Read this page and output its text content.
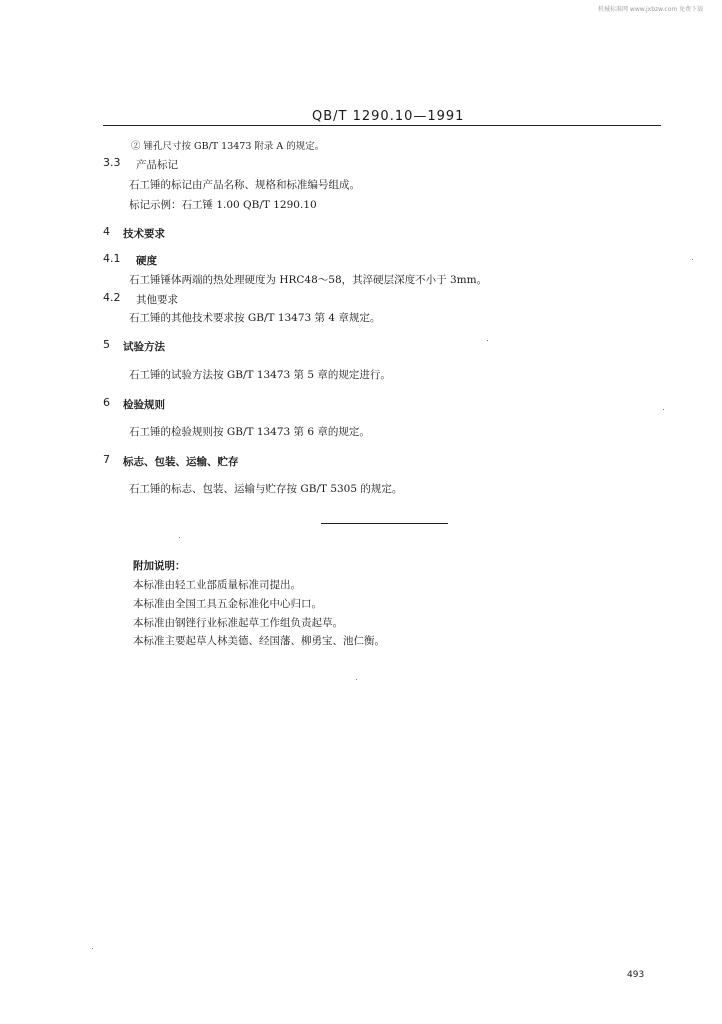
机械标准网 www.jxbzw.com 免费下载
QB/T 1290.10—1991
② 锤孔尺寸按 GB/T 13473 附录 A 的规定。
3.3 产品标记
石工锤的标记由产品名称、规格和标准编号组成。
标记示例：石工锤 1.00 QB/T 1290.10
4 技术要求
4.1 硬度
石工锤锤体两端的热处理硬度为 HRC48～58，其淬硬层深度不小于 3mm。
4.2 其他要求
石工锤的其他技术要求按 GB/T 13473 第 4 章规定。
5 试验方法
石工锤的试验方法按 GB/T 13473 第 5 章的规定进行。
6 检验规则
石工锤的检验规则按 GB/T 13473 第 6 章的规定。
7 标志、包装、运输、贮存
石工锤的标志、包装、运输与贮存按 GB/T 5305 的规定。
附加说明：
本标准由轻工业部质量标准司提出。
本标准由全国工具五金标准化中心归口。
本标准由钢锉行业标准起草工作组负责起草。
本标准主要起草人林美德、经国藩、柳勇宝、池仁衡。
493
